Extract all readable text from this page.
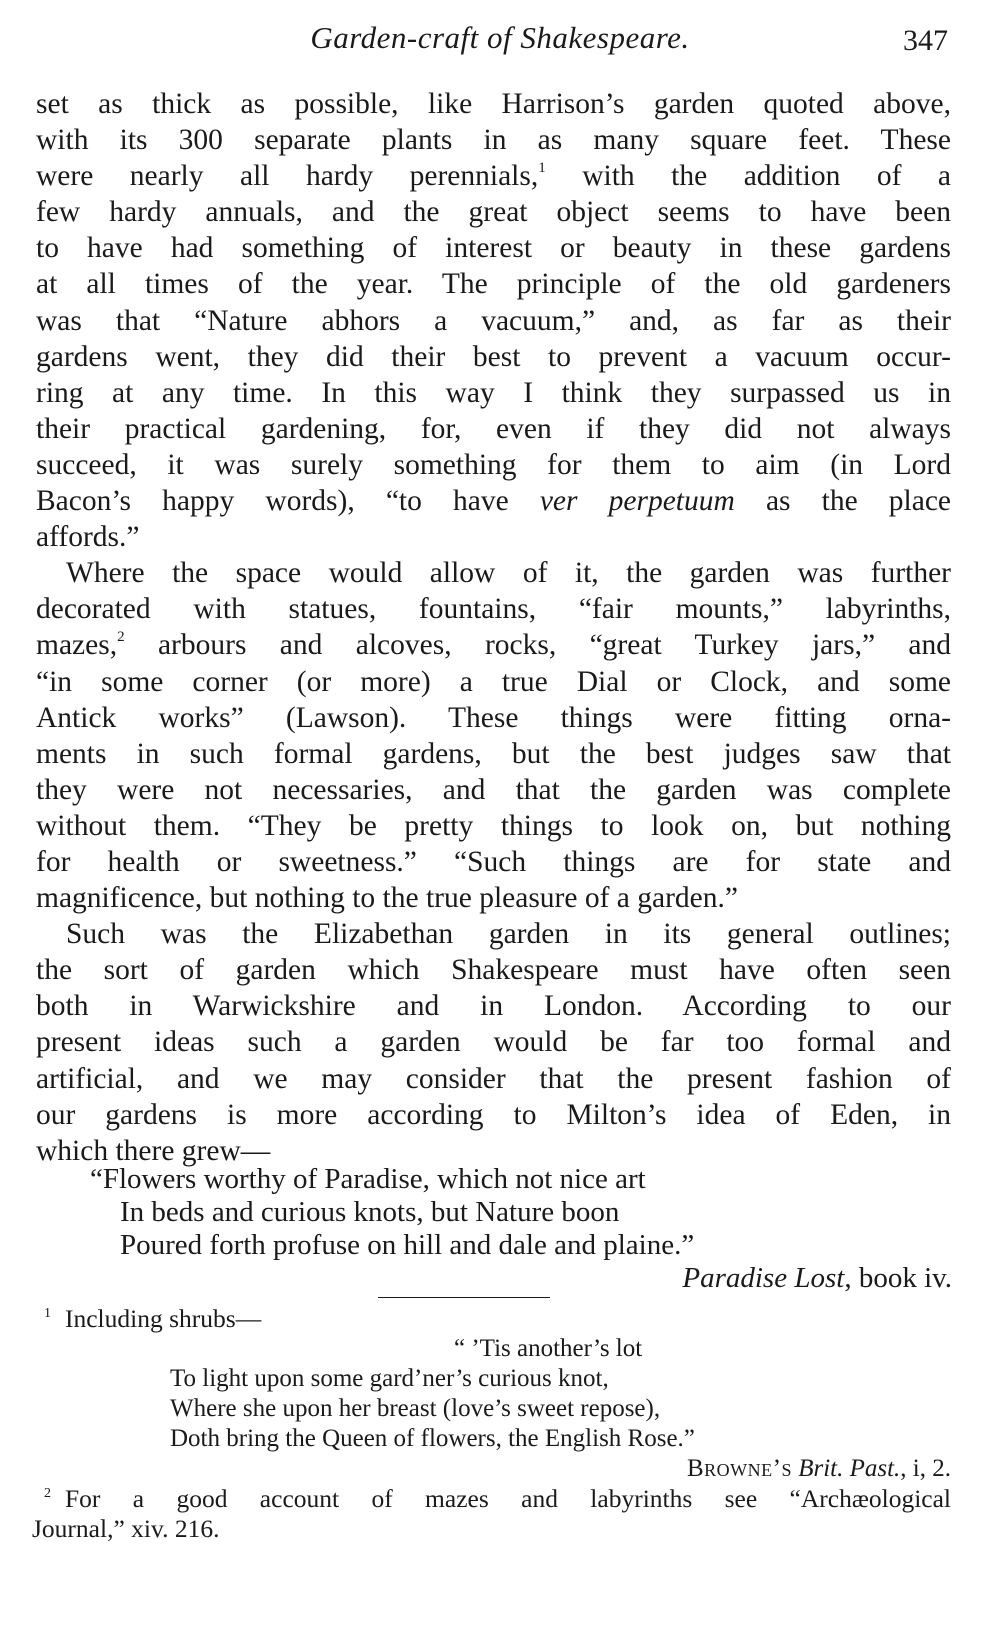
Garden-craft of Shakespeare.	347
set as thick as possible, like Harrison’s garden quoted above,
with its 300 separate plants in as many square feet. These
were nearly all hardy perennials,$^1$ with the addition of a
few hardy annuals, and the great object seems to have been
to have had something of interest or beauty in these gardens
at all times of the year. The principle of the old gardeners
was that “Nature abhors a vacuum,” and, as far as their
gardens went, they did their best to prevent a vacuum occur-
ring at any time. In this way I think they surpassed us in
their practical gardening, for, even if they did not always
succeed, it was surely something for them to aim (in Lord
Bacon’s happy words), “to have ver perpetuum as the place
affords.”
Where the space would allow of it, the garden was further
decorated with statues, fountains, “fair mounts,” labyrinths,
mazes,$^2$ arbours and alcoves, rocks, “great Turkey jars,” and
“in some corner (or more) a true Dial or Clock, and some
Antick works” (Lawson). These things were fitting orna-
ments in such formal gardens, but the best judges saw that
they were not necessaries, and that the garden was complete
without them. “They be pretty things to look on, but nothing
for health or sweetness.” “Such things are for state and
magnificence, but nothing to the true pleasure of a garden.”
Such was the Elizabethan garden in its general outlines;
the sort of garden which Shakespeare must have often seen
both in Warwickshire and in London. According to our
present ideas such a garden would be far too formal and
artificial, and we may consider that the present fashion of
our gardens is more according to Milton’s idea of Eden, in
which there grew—
“Flowers worthy of Paradise, which not nice art
In beds and curious knots, but Nature boon
Poured forth profuse on hill and dale and plaine.”
Paradise Lost, book iv.
$^1$ Including shrubs—
“ ’Tis another’s lot
To light upon some gard’ner’s curious knot,
Where she upon her breast (love’s sweet repose),
Doth bring the Queen of flowers, the English Rose.”
Browne’s Brit. Past., i, 2.
$^2$ For a good account of mazes and labyrinths see “Archæological
Journal,” xiv. 216.
